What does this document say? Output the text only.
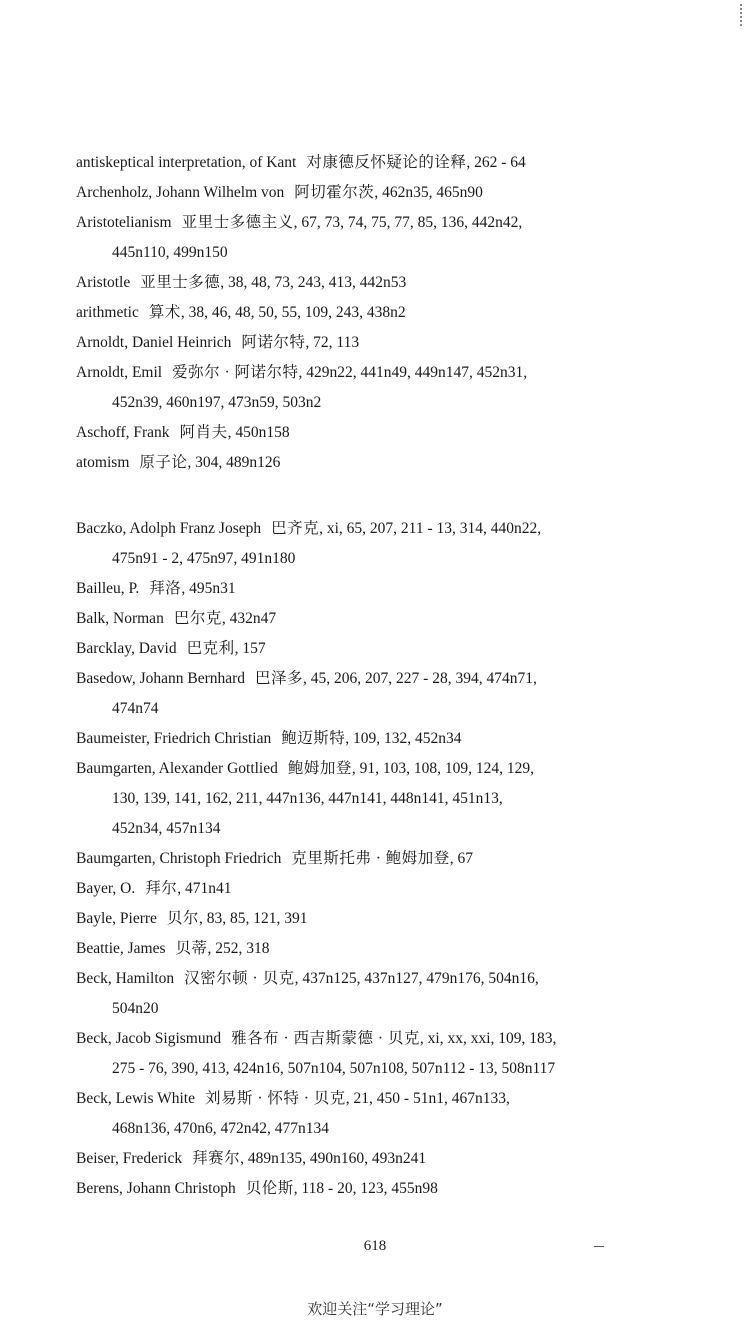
antiskeptical interpretation, of Kant 对康德反怀疑论的诠释, 262 - 64
Archenholz, Johann Wilhelm von 阿切霍尔茨, 462n35, 465n90
Aristotelianism 亚里士多德主义, 67, 73, 74, 75, 77, 85, 136, 442n42,
445n110, 499n150
Aristotle 亚里士多德, 38, 48, 73, 243, 413, 442n53
arithmetic 算术, 38, 46, 48, 50, 55, 109, 243, 438n2
Arnoldt, Daniel Heinrich 阿诺尔特, 72, 113
Arnoldt, Emil 爱弥尔 · 阿诺尔特, 429n22, 441n49, 449n147, 452n31,
452n39, 460n197, 473n59, 503n2
Aschoff, Frank 阿肖夫, 450n158
atomism 原子论, 304, 489n126
Baczko, Adolph Franz Joseph 巴齐克, xi, 65, 207, 211 - 13, 314, 440n22,
475n91 - 2, 475n97, 491n180
Bailleu, P. 拜洛, 495n31
Balk, Norman 巴尔克, 432n47
Barcklay, David 巴克利, 157
Basedow, Johann Bernhard 巴泽多, 45, 206, 207, 227 - 28, 394, 474n71,
474n74
Baumeister, Friedrich Christian 鲍迈斯特, 109, 132, 452n34
Baumgarten, Alexander Gottlied 鲍姆加登, 91, 103, 108, 109, 124, 129,
130, 139, 141, 162, 211, 447n136, 447n141, 448n141, 451n13,
452n34, 457n134
Baumgarten, Christoph Friedrich 克里斯托弗 · 鲍姆加登, 67
Bayer, O. 拜尔, 471n41
Bayle, Pierre 贝尔, 83, 85, 121, 391
Beattie, James 贝蒂, 252, 318
Beck, Hamilton 汉密尔顿 · 贝克, 437n125, 437n127, 479n176, 504n16,
504n20
Beck, Jacob Sigismund 雅各布 · 西吉斯蒙德 · 贝克, xi, xx, xxi, 109, 183,
275 - 76, 390, 413, 424n16, 507n104, 507n108, 507n112 - 13, 508n117
Beck, Lewis White 刘易斯 · 怀特 · 贝克, 21, 450 - 51n1, 467n133,
468n136, 470n6, 472n42, 477n134
Beiser, Frederick 拜赛尔, 489n135, 490n160, 493n241
Berens, Johann Christoph 贝伦斯, 118 - 20, 123, 455n98
618
欢迎关注“学习理论”
